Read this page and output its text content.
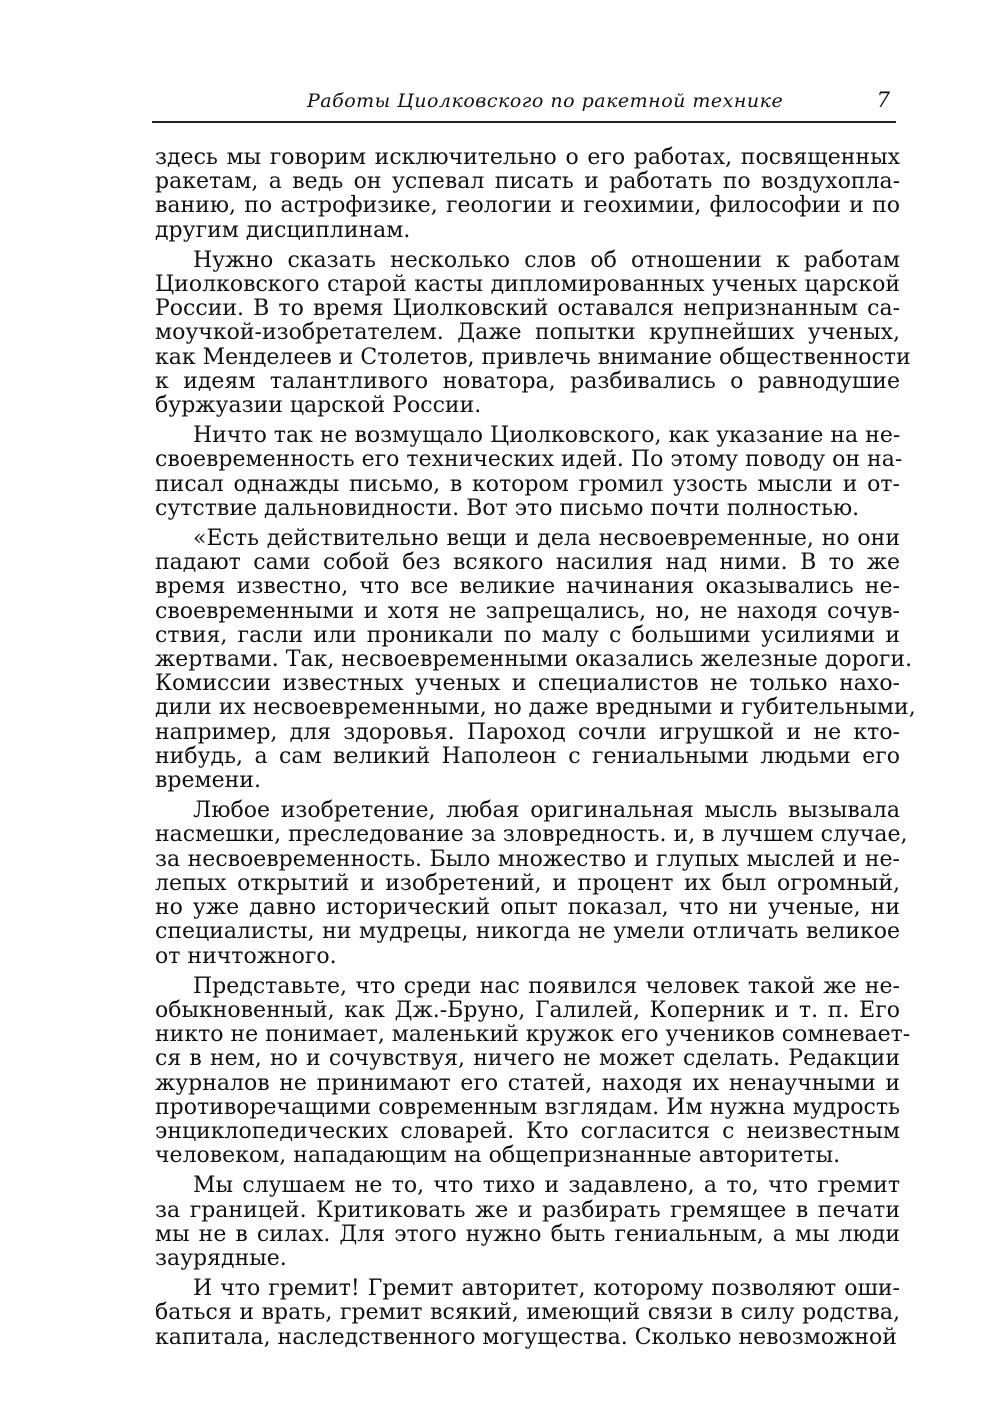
Работы Циолковского по ракетной технике	7
здесь мы говорим исключительно о его работах, посвященных
ракетам, а ведь он успевал писать и работать по воздухопла-
ванию, по астрофизике, геологии и геохимии, философии и по
другим дисциплинам.
Нужно сказать несколько слов об отношении к работам
Циолковского старой касты дипломированных ученых царской
России. В то время Циолковский оставался непризнанным са-
моучкой-изобретателем. Даже попытки крупнейших ученых,
как Менделеев и Столетов, привлечь внимание общественности
к идеям талантливого новатора, разбивались о равнодушие
буржуазии царской России.
Ничто так не возмущало Циолковского, как указание на не-
своевременность его технических идей. По этому поводу он на-
писал однажды письмо, в котором громил узость мысли и от-
сутствие дальновидности. Вот это письмо почти полностью.
«Есть действительно вещи и дела несвоевременные, но они
падают сами собой без всякого насилия над ними. В то же
время известно, что все великие начинания оказывались не-
своевременными и хотя не запрещались, но, не находя сочув-
ствия, гасли или проникали по малу с большими усилиями и
жертвами. Так, несвоевременными оказались железные дороги.
Комиссии известных ученых и специалистов не только нахо-
дили их несвоевременными, но даже вредными и губительными,
например, для здоровья. Пароход сочли игрушкой и не кто-
нибудь, а сам великий Наполеон с гениальными людьми его
времени.
Любое изобретение, любая оригинальная мысль вызывала
насмешки, преследование за зловредность. и, в лучшем случае,
за несвоевременность. Было множество и глупых мыслей и не-
лепых открытий и изобретений, и процент их был огромный,
но уже давно исторический опыт показал, что ни ученые, ни
специалисты, ни мудрецы, никогда не умели отличать великое
от ничтожного.
Представьте, что среди нас появился человек такой же не-
обыкновенный, как Дж.-Бруно, Галилей, Коперник и т. п. Его
никто не понимает, маленький кружок его учеников сомневает-
ся в нем, но и сочувствуя, ничего не может сделать. Редакции
журналов не принимают его статей, находя их ненаучными и
противоречащими современным взглядам. Им нужна мудрость
энциклопедических словарей. Кто согласится с неизвестным
человеком, нападающим на общепризнанные авторитеты.
Мы слушаем не то, что тихо и задавлено, а то, что гремит
за границей. Критиковать же и разбирать гремящее в печати
мы не в силах. Для этого нужно быть гениальным, а мы люди
заурядные.
И что гремит! Гремит авторитет, которому позволяют оши-
баться и врать, гремит всякий, имеющий связи в силу родства,
капитала, наследственного могущества. Сколько невозможной
